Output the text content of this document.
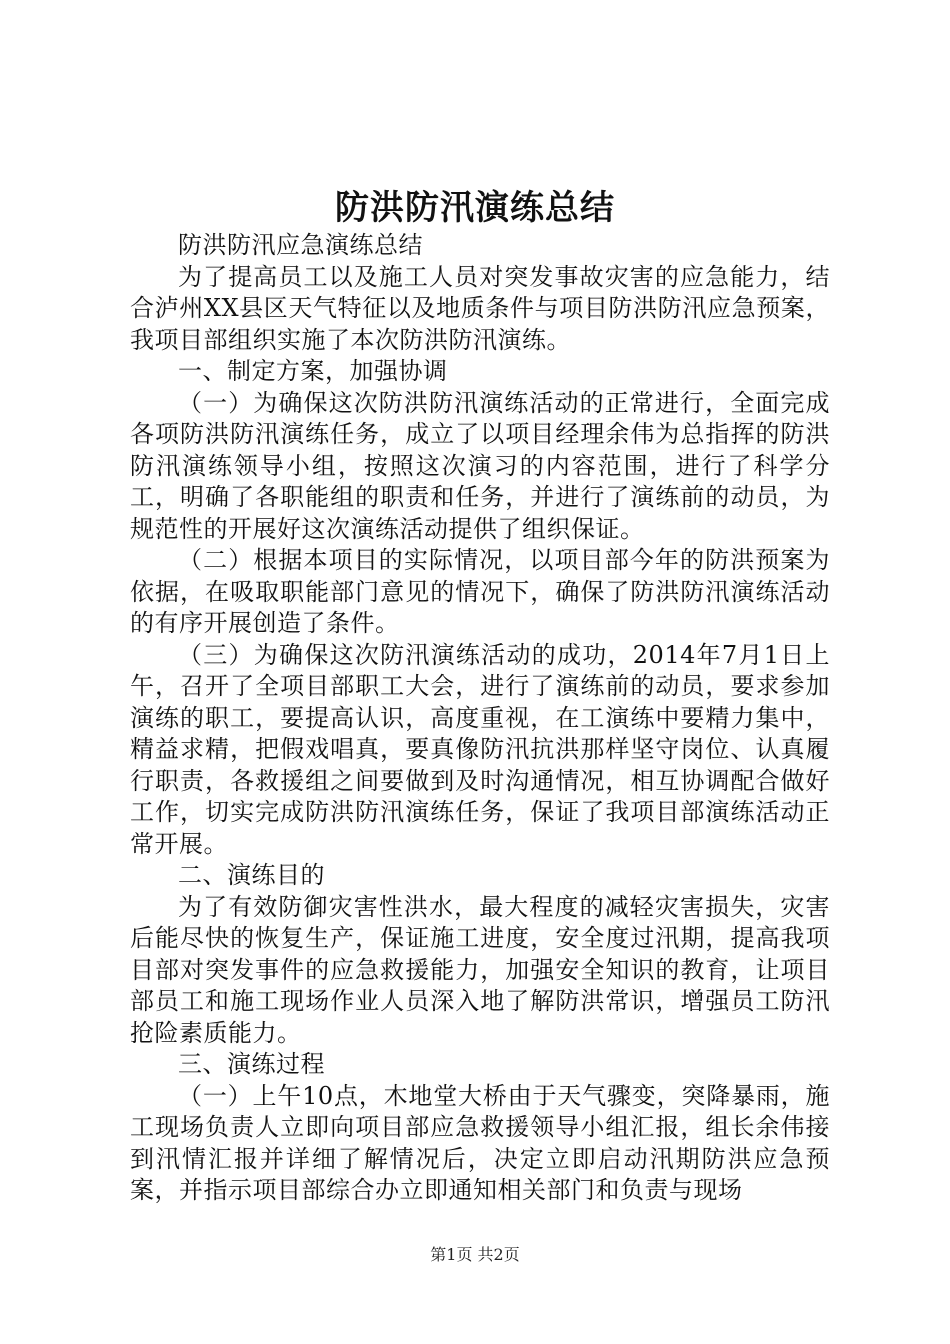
防洪防汛演练总结

防洪防汛应急演练总结

为了提高员工以及施工人员对突发事故灾害的应急能力，结合泸州XX县区天气特征以及地质条件与项目防洪防汛应急预案，我项目部组织实施了本次防洪防汛演练。

一、制定方案，加强协调

（一）为确保这次防洪防汛演练活动的正常进行，全面完成各项防洪防汛演练任务，成立了以项目经理余伟为总指挥的防洪防汛演练领导小组，按照这次演习的内容范围，进行了科学分工，明确了各职能组的职责和任务，并进行了演练前的动员，为规范性的开展好这次演练活动提供了组织保证。

（二）根据本项目的实际情况，以项目部今年的防洪预案为依据，在吸取职能部门意见的情况下，确保了防洪防汛演练活动的有序开展创造了条件。

（三）为确保这次防汛演练活动的成功，2014年7月1日上午，召开了全项目部职工大会，进行了演练前的动员，要求参加演练的职工，要提高认识，高度重视，在工演练中要精力集中，精益求精，把假戏唱真，要真像防汛抗洪那样坚守岗位、认真履行职责，各救援组之间要做到及时沟通情况，相互协调配合做好工作，切实完成防洪防汛演练任务，保证了我项目部演练活动正常开展。

二、演练目的

为了有效防御灾害性洪水，最大程度的减轻灾害损失，灾害后能尽快的恢复生产，保证施工进度，安全度过汛期，提高我项目部对突发事件的应急救援能力，加强安全知识的教育，让项目部员工和施工现场作业人员深入地了解防洪常识，增强员工防汛抢险素质能力。

三、演练过程

（一）上午10点，木地堂大桥由于天气骤变，突降暴雨，施工现场负责人立即向项目部应急救援领导小组汇报，组长余伟接到汛情汇报并详细了解情况后，决定立即启动汛期防洪应急预案，并指示项目部综合办立即通知相关部门和负责与现场

第1页 共2页
